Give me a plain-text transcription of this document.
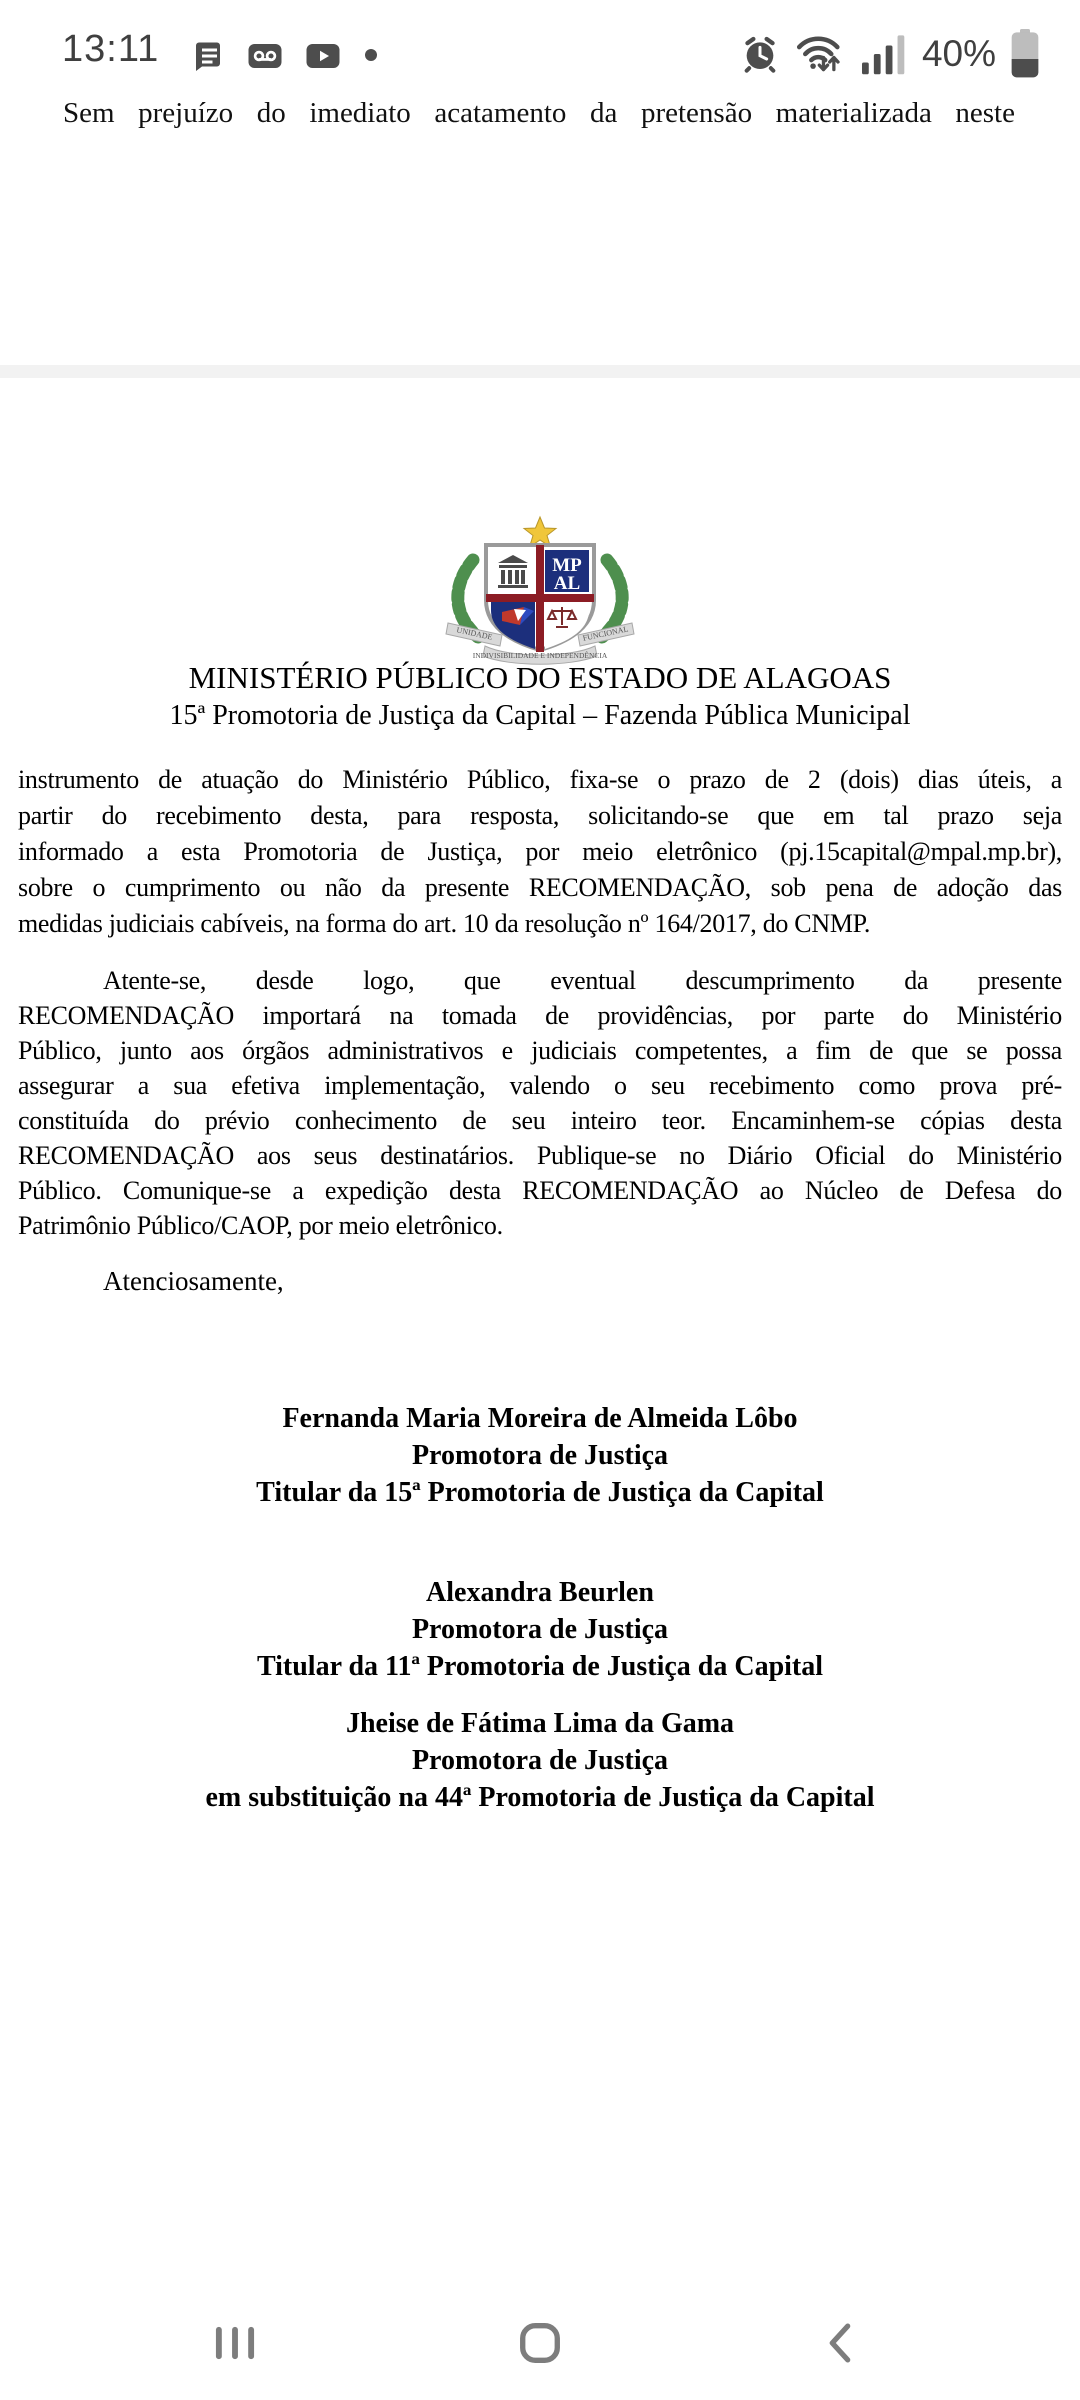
13:11	40%
Sem prejuízo do imediato acatamento da pretensão materializada neste
MP
AL
UNIDADE	FUNCIONAL
INDIVISIBILIDADE E INDEPENDÊNCIA
MINISTÉRIO PÚBLICO DO ESTADO DE ALAGOAS
15ª Promotoria de Justiça da Capital – Fazenda Pública Municipal
instrumento de atuação do Ministério Público, fixa-se o prazo de 2 (dois) dias úteis, a
partir do recebimento desta, para resposta, solicitando-se que em tal prazo seja
informado a esta Promotoria de Justiça, por meio eletrônico (pj.15capital@mpal.mp.br),
sobre o cumprimento ou não da presente RECOMENDAÇÃO, sob pena de adoção das
medidas judiciais cabíveis, na forma do art. 10 da resolução nº 164/2017, do CNMP.
Atente-se, desde logo, que eventual descumprimento da presente
RECOMENDAÇÃO importará na tomada de providências, por parte do Ministério
Público, junto aos órgãos administrativos e judiciais competentes, a fim de que se possa
assegurar a sua efetiva implementação, valendo o seu recebimento como prova pré-
constituída do prévio conhecimento de seu inteiro teor. Encaminhem-se cópias desta
RECOMENDAÇÃO aos seus destinatários. Publique-se no Diário Oficial do Ministério
Público. Comunique-se a expedição desta RECOMENDAÇÃO ao Núcleo de Defesa do
Patrimônio Público/CAOP, por meio eletrônico.
Atenciosamente,
Fernanda Maria Moreira de Almeida Lôbo
Promotora de Justiça
Titular da 15ª Promotoria de Justiça da Capital
Alexandra Beurlen
Promotora de Justiça
Titular da 11ª Promotoria de Justiça da Capital
Jheise de Fátima Lima da Gama
Promotora de Justiça
em substituição na 44ª Promotoria de Justiça da Capital
